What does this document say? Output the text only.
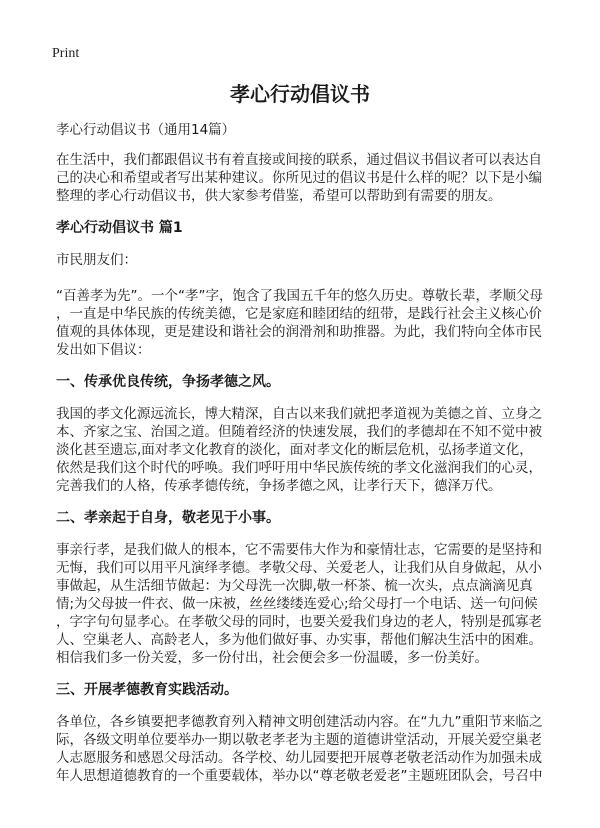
Print
孝心行动倡议书
孝心行动倡议书（通用14篇）
在生活中，我们都跟倡议书有着直接或间接的联系，通过倡议书倡议者可以表达自
己的决心和希望或者写出某种建议。你所见过的倡议书是什么样的呢？以下是小编
整理的孝心行动倡议书，供大家参考借鉴，希望可以帮助到有需要的朋友。
孝心行动倡议书 篇1
市民朋友们：
“百善孝为先”。一个“孝”字，饱含了我国五千年的悠久历史。尊敬长辈，孝顺父母
，一直是中华民族的传统美德，它是家庭和睦团结的纽带，是践行社会主义核心价
值观的具体体现，更是建设和谐社会的润滑剂和助推器。为此，我们特向全体市民
发出如下倡议：
一、传承优良传统，争扬孝德之风。
我国的孝文化源远流长，博大精深，自古以来我们就把孝道视为美德之首、立身之
本、齐家之宝、治国之道。但随着经济的快速发展，我们的孝德却在不知不觉中被
淡化甚至遗忘,面对孝文化教育的淡化，面对孝文化的断层危机，弘扬孝道文化，
依然是我们这个时代的呼唤。我们呼吁用中华民族传统的孝文化滋润我们的心灵，
完善我们的人格，传承孝德传统，争扬孝德之风，让孝行天下，德泽万代。
二、孝亲起于自身，敬老见于小事。
事亲行孝，是我们做人的根本，它不需要伟大作为和豪情壮志，它需要的是坚持和
无悔，我们可以用平凡演绎孝德。孝敬父母、关爱老人，让我们从自身做起，从小
事做起，从生活细节做起：为父母洗一次脚,敬一杯茶、梳一次头，点点滴滴见真
情;为父母披一件衣、做一床被，丝丝缕缕连爱心;给父母打一个电话、送一句问候
，字字句句显孝心。在孝敬父母的同时，也要关爱我们身边的老人，特别是孤寡老
人、空巢老人、高龄老人，多为他们做好事、办实事，帮他们解决生活中的困难。
相信我们多一份关爱，多一份付出，社会便会多一份温暖，多一份美好。
三、开展孝德教育实践活动。
各单位，各乡镇要把孝德教育列入精神文明创建活动内容。在“九九”重阳节来临之
际，各级文明单位要举办一期以敬老孝老为主题的道德讲堂活动，开展关爱空巢老
人志愿服务和感恩父母活动。各学校、幼儿园要把开展尊老敬老活动作为加强未成
年人思想道德教育的一个重要载体，举办以“尊老敬老爱老”主题班团队会，号召中
